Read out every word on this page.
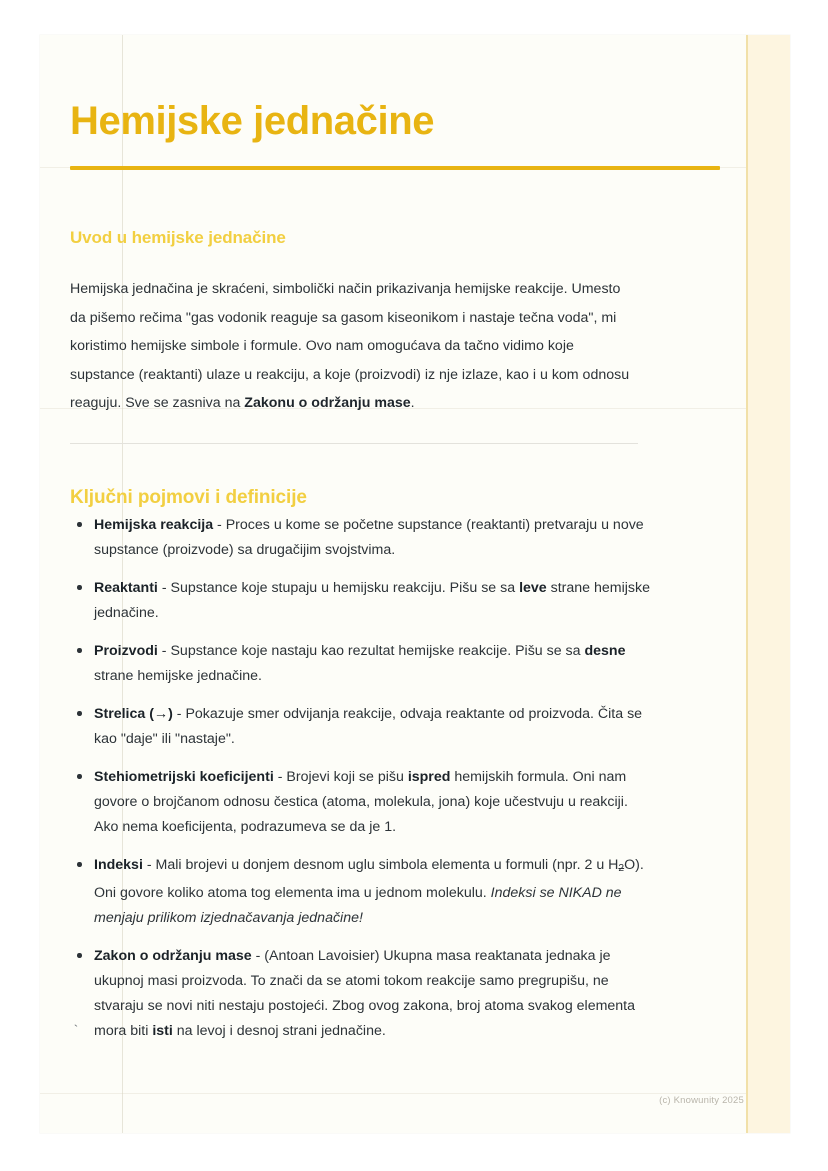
Hemijske jednačine
Uvod u hemijske jednačine

Hemijska jednačina je skraćeni, simbolički način prikazivanja hemijske reakcije. Umesto da pišemo rečima "gas vodonik reaguje sa gasom kiseonikom i nastaje tečna voda", mi koristimo hemijske simbole i formule. Ovo nam omogućava da tačno vidimo koje supstance (reaktanti) ulaze u reakciju, a koje (proizvodi) iz nje izlaze, kao i u kom odnosu reaguju. Sve se zasniva na Zakonu o održanju mase.

Ključni pojmovi i definicije
Hemijska reakcija - Proces u kome se početne supstance (reaktanti) pretvaraju u nove supstance (proizvode) sa drugačijim svojstvima.
Reaktanti - Supstance koje stupaju u hemijsku reakciju. Pišu se sa leve strane hemijske jednačine.
Proizvodi - Supstance koje nastaju kao rezultat hemijske reakcije. Pišu se sa desne strane hemijske jednačine.
Strelica (→) - Pokazuje smer odvijanja reakcije, odvaja reaktante od proizvoda. Čita se kao "daje" ili "nastaje".
Stehiometrijski koeficijenti - Brojevi koji se pišu ispred hemijskih formula. Oni nam govore o brojčanom odnosu čestica (atoma, molekula, jona) koje učestvuju u reakciji. Ako nema koeficijenta, podrazumeva se da je 1.
Indeksi - Mali brojevi u donjem desnom uglu simbola elementa u formuli (npr. 2 u $H_2O$). Oni govore koliko atoma tog elementa ima u jednom molekulu. Indeksi se NIKAD ne menjaju prilikom izjednačavanja jednačine!
Zakon o održanju mase - (Antoan Lavoisier) Ukupna masa reaktanata jednaka je ukupnoj masi proizvoda. To znači da se atomi tokom reakcije samo pregrupišu, ne stvaraju se novi niti nestaju postojeći. Zbog ovog zakona, broj atoma svakog elementa mora biti isti na levoj i desnoj strani jednačine.
`
(c) Knowunity 2025
